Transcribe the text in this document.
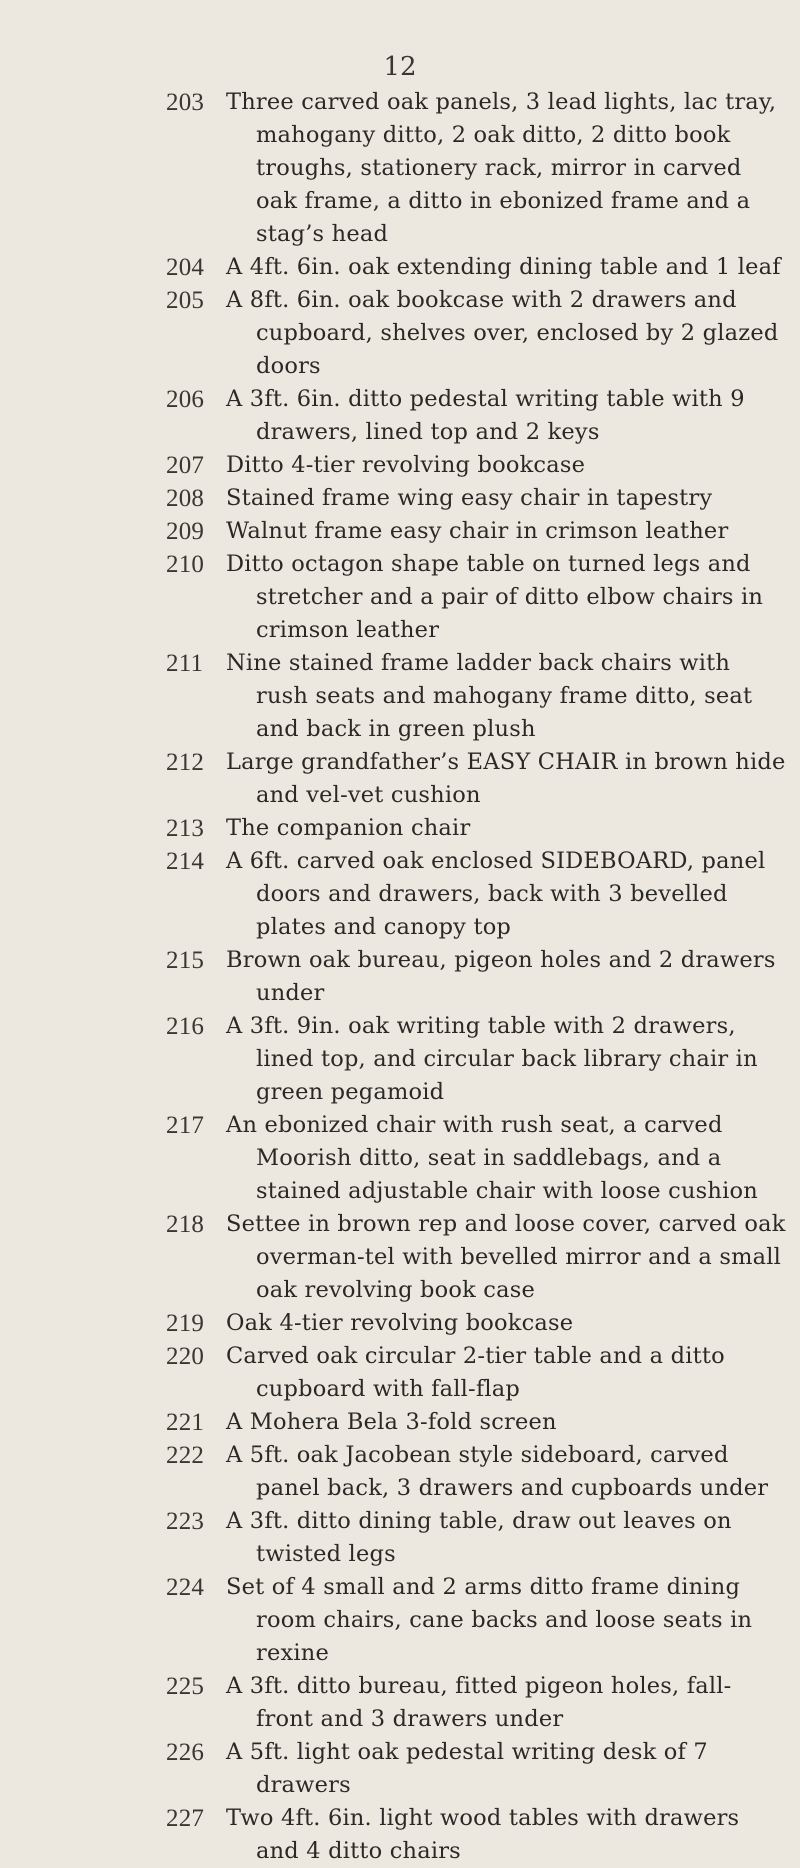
12
203 Three carved oak panels, 3 lead lights, lac tray, mahogany ditto, 2 oak ditto, 2 ditto book troughs, stationery rack, mirror in carved oak frame, a ditto in ebonized frame and a stag’s head
204 A 4ft. 6in. oak extending dining table and 1 leaf
205 A 8ft. 6in. oak bookcase with 2 drawers and cupboard, shelves over, enclosed by 2 glazed doors
206 A 3ft. 6in. ditto pedestal writing table with 9 drawers, lined top and 2 keys
207 Ditto 4-tier revolving bookcase
208 Stained frame wing easy chair in tapestry
209 Walnut frame easy chair in crimson leather
210 Ditto octagon shape table on turned legs and stretcher and a pair of ditto elbow chairs in crimson leather
211 Nine stained frame ladder back chairs with rush seats and mahogany frame ditto, seat and back in green plush
212 Large grandfather’s EASY CHAIR in brown hide and vel-vet cushion
213 The companion chair
214 A 6ft. carved oak enclosed SIDEBOARD, panel doors and drawers, back with 3 bevelled plates and canopy top
215 Brown oak bureau, pigeon holes and 2 drawers under
216 A 3ft. 9in. oak writing table with 2 drawers, lined top, and circular back library chair in green pegamoid
217 An ebonized chair with rush seat, a carved Moorish ditto, seat in saddlebags, and a stained adjustable chair with loose cushion
218 Settee in brown rep and loose cover, carved oak overman-tel with bevelled mirror and a small oak revolving book case
219 Oak 4-tier revolving bookcase
220 Carved oak circular 2-tier table and a ditto cupboard with fall-flap
221 A Mohera Bela 3-fold screen
222 A 5ft. oak Jacobean style sideboard, carved panel back, 3 drawers and cupboards under
223 A 3ft. ditto dining table, draw out leaves on twisted legs
224 Set of 4 small and 2 arms ditto frame dining room chairs, cane backs and loose seats in rexine
225 A 3ft. ditto bureau, fitted pigeon holes, fall-front and 3 drawers under
226 A 5ft. light oak pedestal writing desk of 7 drawers
227 Two 4ft. 6in. light wood tables with drawers and 4 ditto chairs
